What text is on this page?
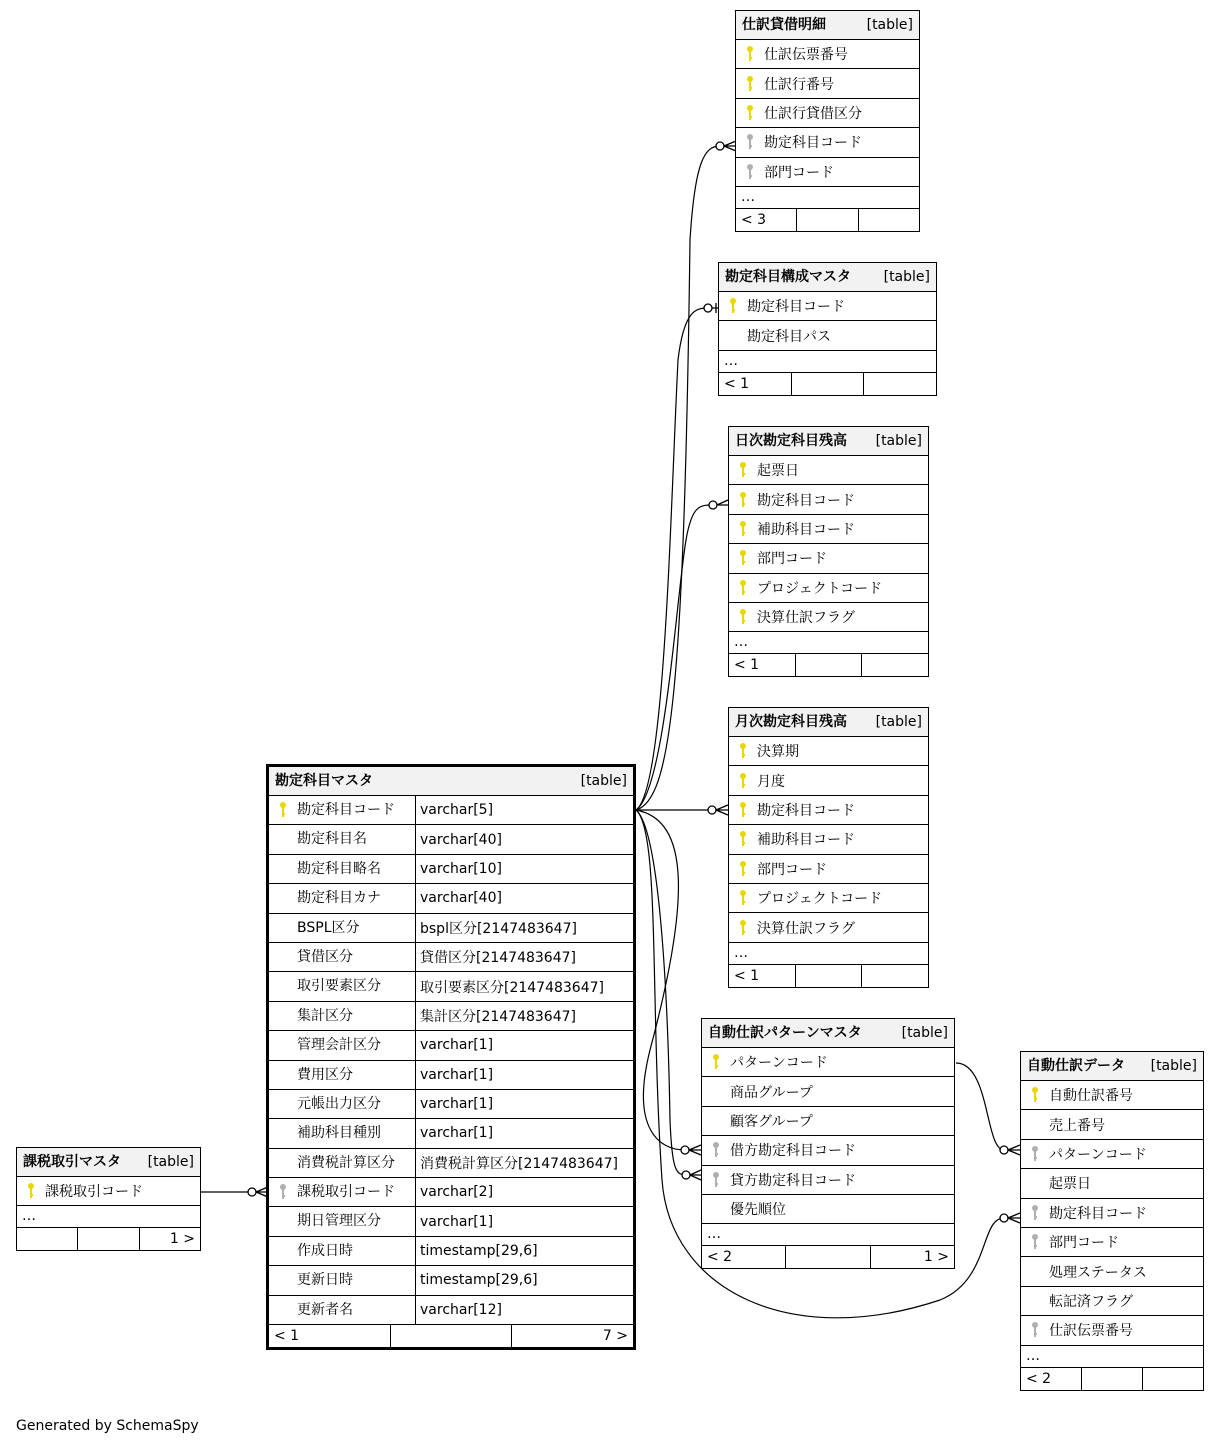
仕訳貸借明細	[table]
仕訳伝票番号
仕訳行番号
仕訳行貸借区分
勘定科目コード
部門コード
…
< 3
勘定科目構成マスタ [table]
勘定科目コード
勘定科目パス
…
< 1
日次勘定科目残高 [table]
起票日
勘定科目コード
補助科目コード
部門コード
プロジェクトコード
決算仕訳フラグ
…
< 1
月次勘定科目残高 [table]
決算期
月度
勘定科目コード
補助科目コード
部門コード
プロジェクトコード
決算仕訳フラグ
…
< 1
勘定科目マスタ	[table]
勘定科目コード	varchar[5]
勘定科目名	varchar[40]
勘定科目略名	varchar[10]
勘定科目カナ	varchar[40]
BSPL区分	bspl区分[2147483647]
貸借区分	貸借区分[2147483647]
取引要素区分	取引要素区分[2147483647]
集計区分	集計区分[2147483647]
管理会計区分	varchar[1]
費用区分	varchar[1]
元帳出力区分	varchar[1]
補助科目種別	varchar[1]
消費税計算区分	消費税計算区分[2147483647]
課税取引コード	varchar[2]
期日管理区分	varchar[1]
作成日時	timestamp[29,6]
更新日時	timestamp[29,6]
更新者名	varchar[12]
< 1	7 >
課税取引マスタ [table]
課税取引コード
…
1 >
自動仕訳パターンマスタ	[table]
パターンコード
商品グループ
顧客グループ
借方勘定科目コード
貸方勘定科目コード
優先順位
…
< 2	1 >
自動仕訳データ [table]
自動仕訳番号
売上番号
パターンコード
起票日
勘定科目コード
部門コード
処理ステータス
転記済フラグ
仕訳伝票番号
…
< 2
Generated by SchemaSpy
